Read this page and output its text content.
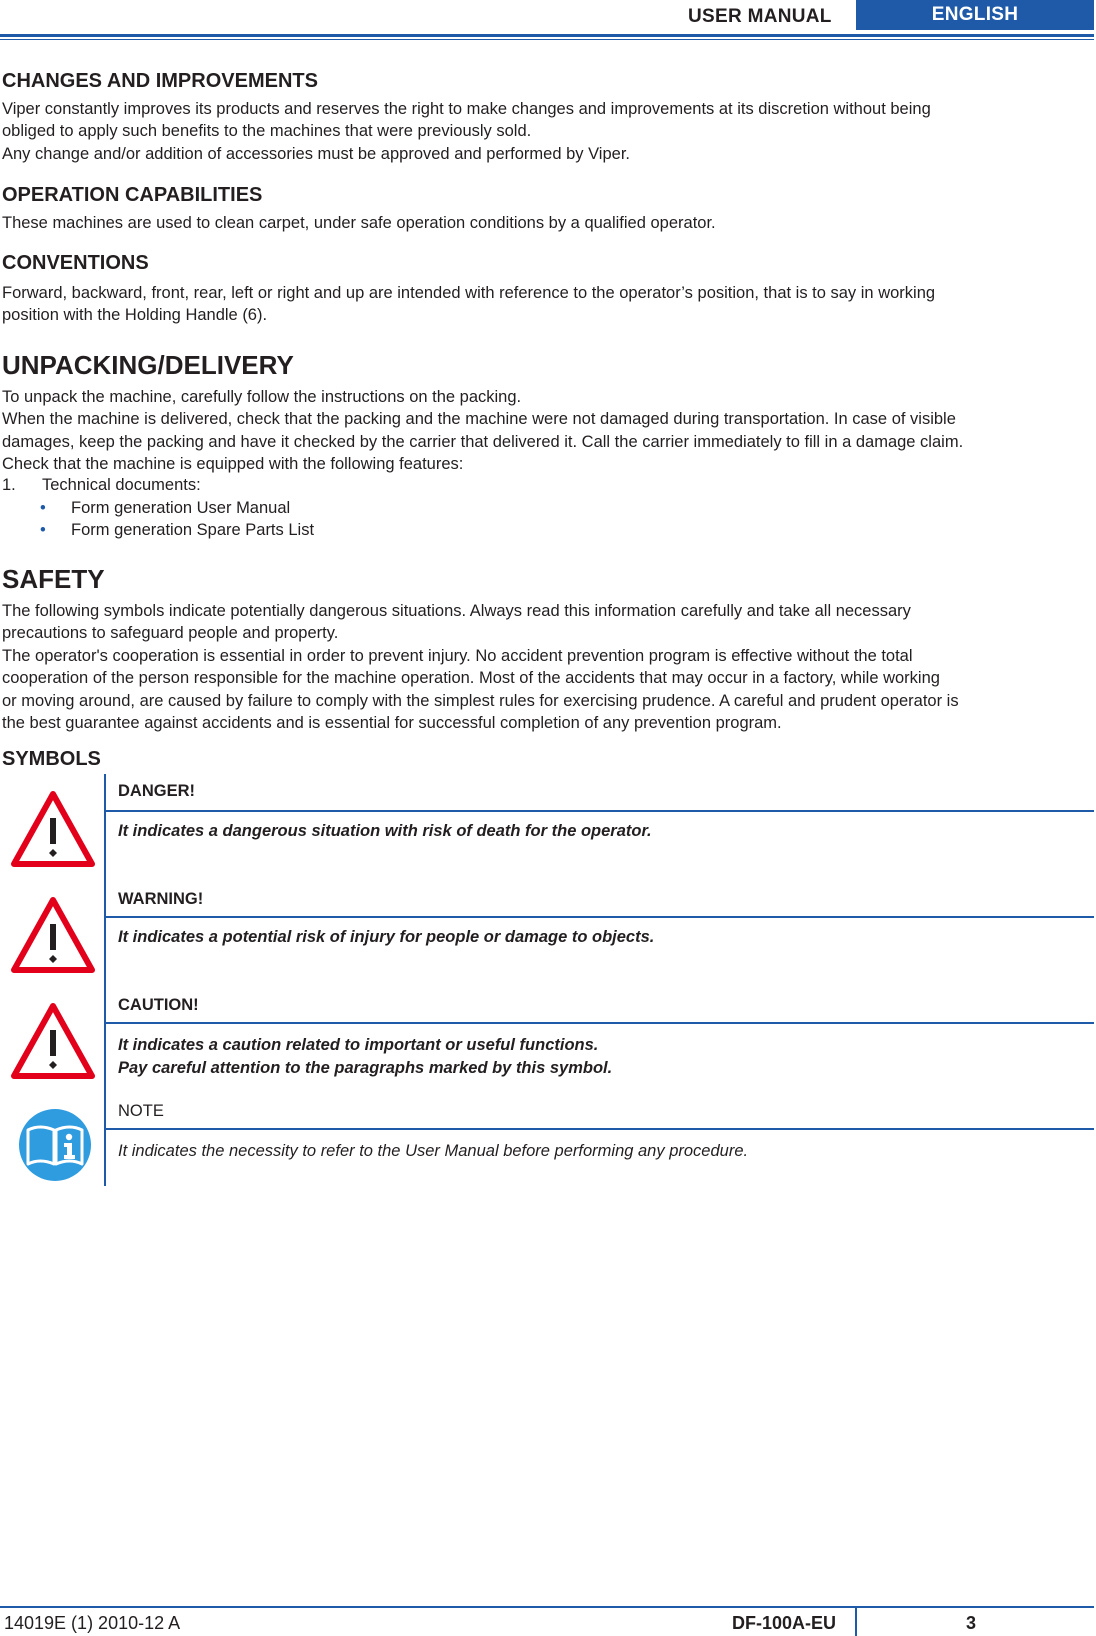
USER MANUAL	ENGLISH
CHANGES AND IMPROVEMENTS
Viper constantly improves its products and reserves the right to make changes and improvements at its discretion without being
obliged to apply such benefits to the machines that were previously sold.
Any change and/or addition of accessories must be approved and performed by Viper.
OPERATION CAPABILITIES
These machines are used to clean carpet, under safe operation conditions by a qualified operator.
CONVENTIONS
Forward, backward, front, rear, left or right and up are intended with reference to the operator’s position, that is to say in working
position with the Holding Handle (6).
UNPACKING/DELIVERY
To unpack the machine, carefully follow the instructions on the packing.
When the machine is delivered, check that the packing and the machine were not damaged during transportation. In case of visible
damages, keep the packing and have it checked by the carrier that delivered it. Call the carrier immediately to fill in a damage claim.
Check that the machine is equipped with the following features:
1. Technical documents:
• Form generation User Manual
• Form generation Spare Parts List
SAFETY
The following symbols indicate potentially dangerous situations. Always read this information carefully and take all necessary
precautions to safeguard people and property.
The operator's cooperation is essential in order to prevent injury. No accident prevention program is effective without the total
cooperation of the person responsible for the machine operation. Most of the accidents that may occur in a factory, while working
or moving around, are caused by failure to comply with the simplest rules for exercising prudence. A careful and prudent operator is
the best guarantee against accidents and is essential for successful completion of any prevention program.
SYMBOLS
DANGER!
It indicates a dangerous situation with risk of death for the operator.
WARNING!
It indicates a potential risk of injury for people or damage to objects.
CAUTION!
It indicates a caution related to important or useful functions.
Pay careful attention to the paragraphs marked by this symbol.
NOTE
It indicates the necessity to refer to the User Manual before performing any procedure.
14019E (1) 2010-12 A	DF-100A-EU	3
